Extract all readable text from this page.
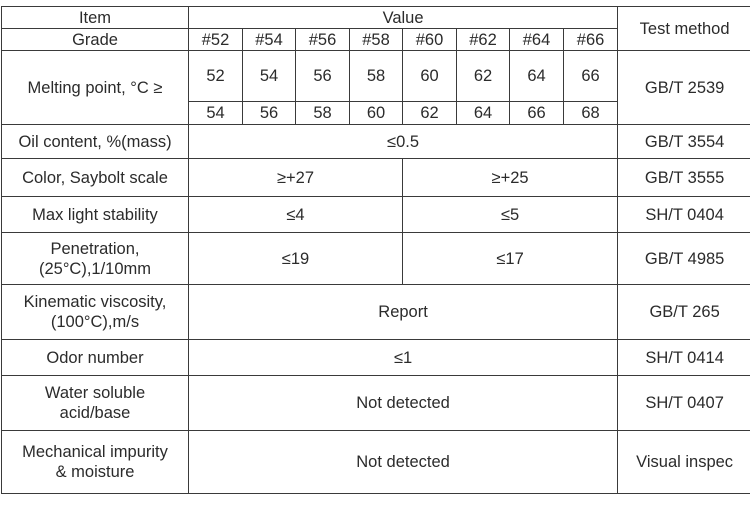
Item	Value								Test method
Grade	#52	#54	#56	#58	#60	#62	#64	#66	
Melting point, °C ≥	52	54	56	58	60	62	64	66	GB/T 2539
	54	56	58	60	62	64	66	68	
Oil content, %(mass)	≤0.5								GB/T 3554
Color, Saybolt scale	≥+27				≥+25				GB/T 3555
Max light stability	≤4				≤5				SH/T 0404

Penetration,
(25°C),1/10mm	≤19				≤17				GB/T 4985

Kinematic viscosity,
(100°C),m/s	Report								GB/T 265
Odor number	≤1								SH/T 0414

Water soluble
acid/base	Not detected								SH/T 0407

Mechanical impurity
& moisture	Not detected								Visual inspec
